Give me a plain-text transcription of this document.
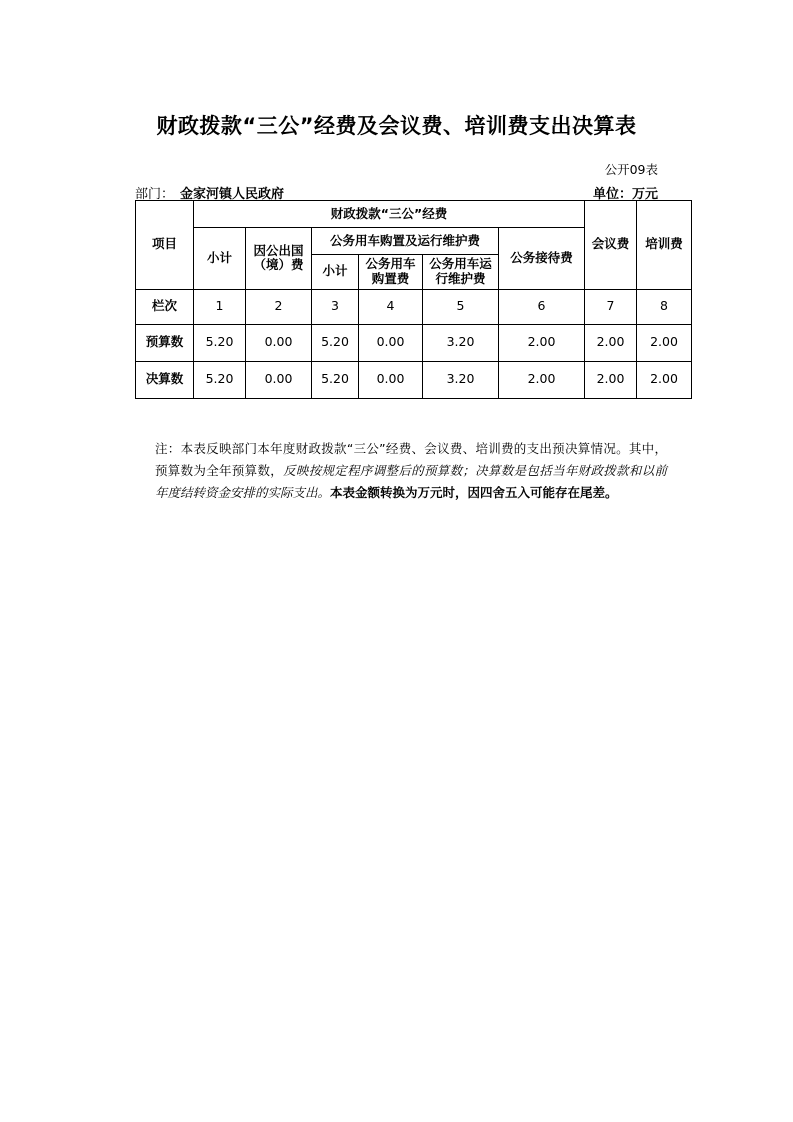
财政拨款“三公”经费及会议费、培训费支出决算表
公开09表
部门： 金家河镇人民政府	单位：万元
项目	财政拨款“三公”经费						会议费	培训费
	小计	因公出国（境）费	公务用车购置及运行维护费			公务接待费		
			小计	公务用车购置费	公务用车运行维护费			

栏次	1	2	3	4	5	6	7	8
预算数	5.20	0.00	5.20	0.00	3.20	2.00	2.00	2.00
决算数	5.20	0.00	5.20	0.00	3.20	2.00	2.00	2.00
注：本表反映部门本年度财政拨款“三公”经费、会议费、培训费的支出预决算情况。其中，预算数为全年预算数，反映按规定程序调整后的预算数；决算数是包括当年财政拨款和以前年度结转资金安排的实际支出。本表金额转换为万元时，因四舍五入可能存在尾差。
